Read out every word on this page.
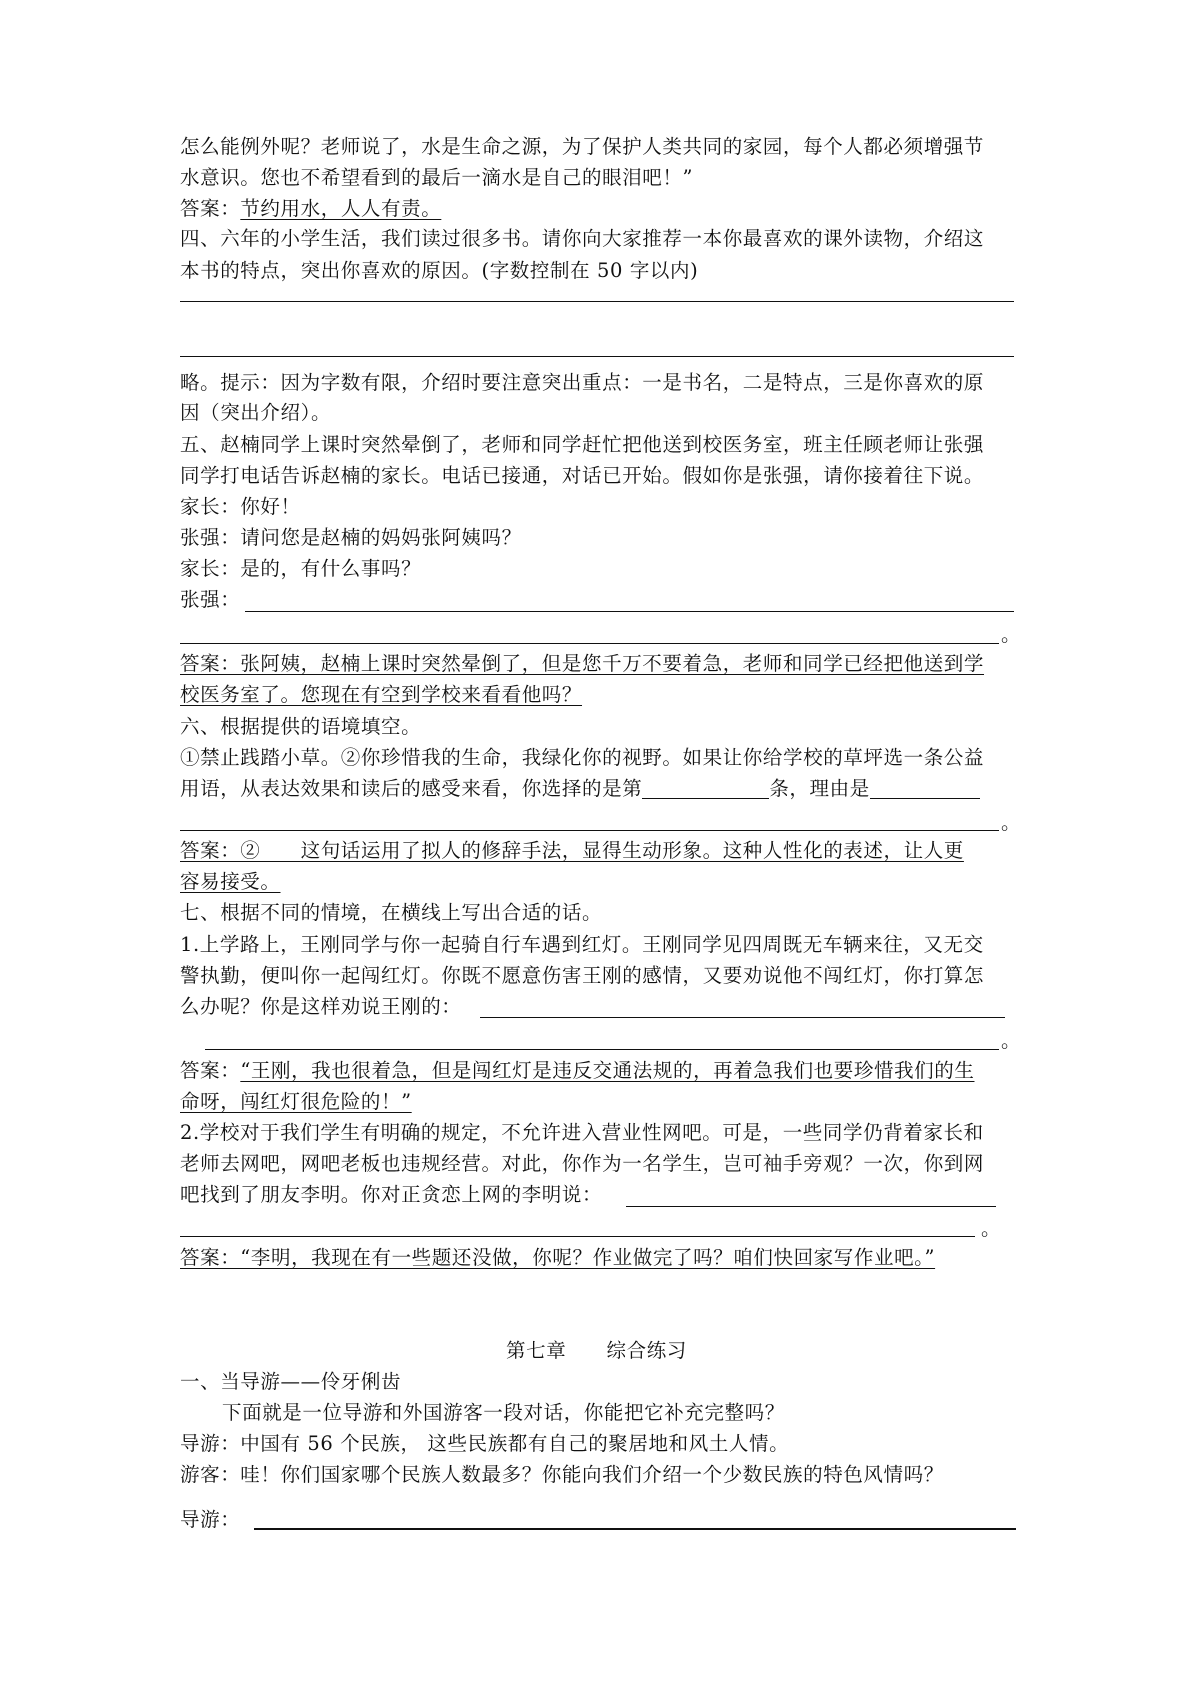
怎么能例外呢？老师说了，水是生命之源，为了保护人类共同的家园，每个人都必须增强节
水意识。您也不希望看到的最后一滴水是自己的眼泪吧！”
答案：节约用水，人人有责。
四、六年的小学生活，我们读过很多书。请你向大家推荐一本你最喜欢的课外读物，介绍这
本书的特点，突出你喜欢的原因。(字数控制在 50 字以内)
略。提示：因为字数有限，介绍时要注意突出重点：一是书名，二是特点，三是你喜欢的原
因（突出介绍）。
五、赵楠同学上课时突然晕倒了，老师和同学赶忙把他送到校医务室，班主任顾老师让张强
同学打电话告诉赵楠的家长。电话已接通，对话已开始。假如你是张强，请你接着往下说。
家长：你好！
张强：请问您是赵楠的妈妈张阿姨吗？
家长：是的，有什么事吗？
张强：
。
答案：张阿姨，赵楠上课时突然晕倒了，但是您千万不要着急，老师和同学已经把他送到学
校医务室了。您现在有空到学校来看看他吗？
六、根据提供的语境填空。
①禁止践踏小草。②你珍惜我的生命，我绿化你的视野。如果让你给学校的草坪选一条公益
用语，从表达效果和读后的感受来看，你选择的是第	条，理由是
。
答案：②　　这句话运用了拟人的修辞手法，显得生动形象。这种人性化的表述，让人更
容易接受。
七、根据不同的情境，在横线上写出合适的话。
1.上学路上，王刚同学与你一起骑自行车遇到红灯。王刚同学见四周既无车辆来往，又无交
警执勤，便叫你一起闯红灯。你既不愿意伤害王刚的感情，又要劝说他不闯红灯，你打算怎
么办呢？你是这样劝说王刚的：
。
答案：“王刚，我也很着急，但是闯红灯是违反交通法规的，再着急我们也要珍惜我们的生
命呀，闯红灯很危险的！”
2.学校对于我们学生有明确的规定，不允许进入营业性网吧。可是，一些同学仍背着家长和
老师去网吧，网吧老板也违规经营。对此，你作为一名学生，岂可袖手旁观？一次，你到网
吧找到了朋友李明。你对正贪恋上网的李明说：
。
答案：“李明，我现在有一些题还没做，你呢？作业做完了吗？咱们快回家写作业吧。”
第七章　　综合练习
一、当导游——伶牙俐齿
下面就是一位导游和外国游客一段对话，你能把它补充完整吗？
导游：中国有 56 个民族， 这些民族都有自己的聚居地和风土人情。
游客：哇！你们国家哪个民族人数最多？你能向我们介绍一个少数民族的特色风情吗？
导游：
